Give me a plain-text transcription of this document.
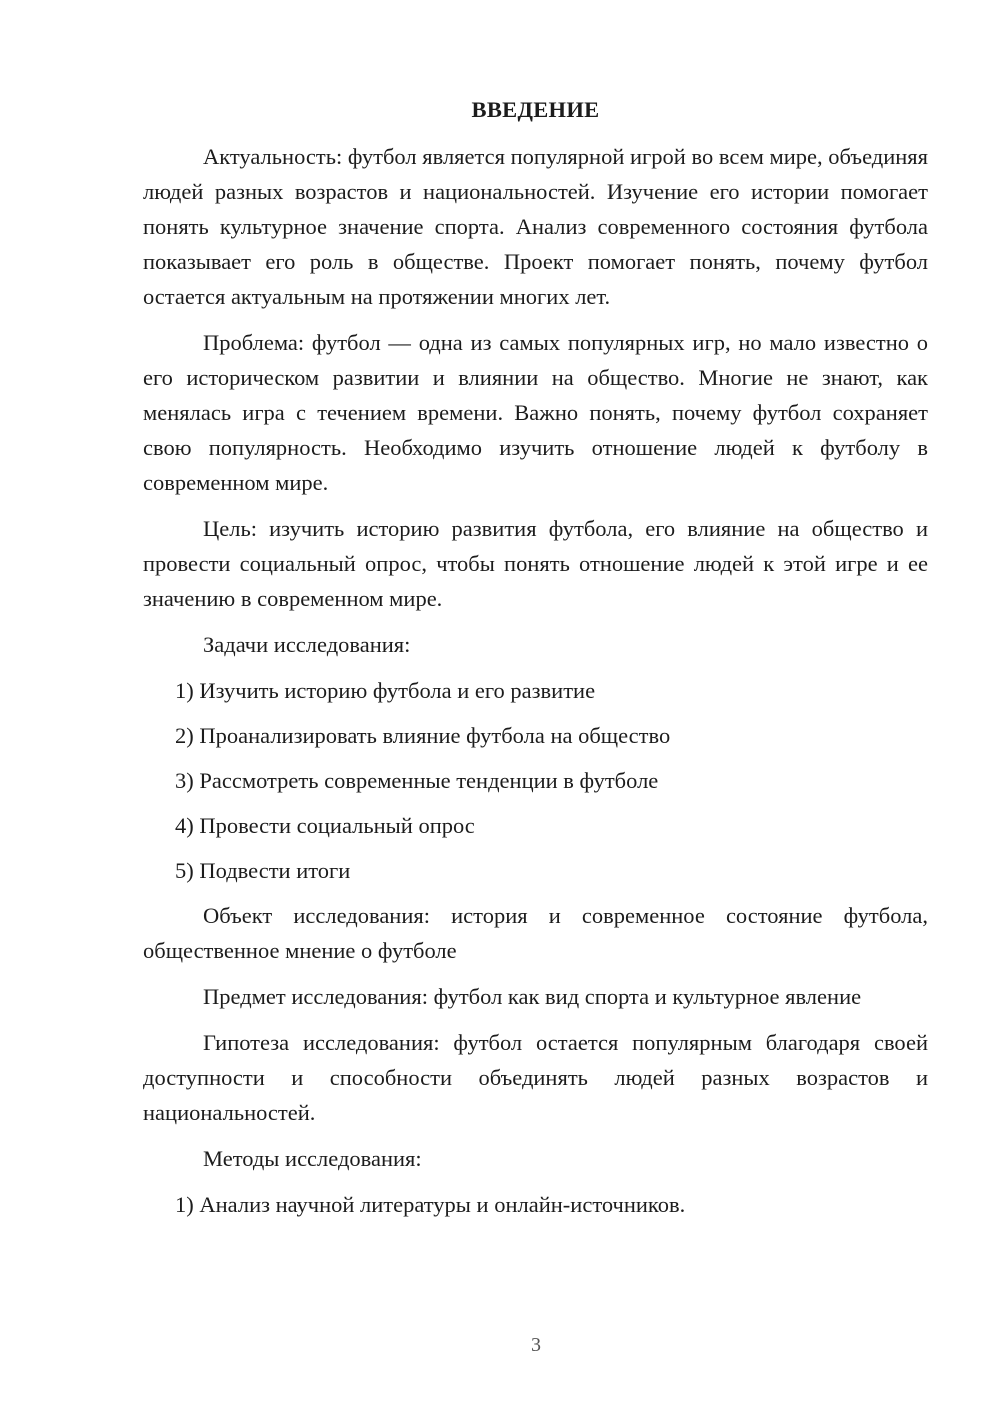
ВВЕДЕНИЕ

Актуальность: футбол является популярной игрой во всем мире, объединяя людей разных возрастов и национальностей. Изучение его истории помогает понять культурное значение спорта. Анализ современного состояния футбола показывает его роль в обществе. Проект помогает понять, почему футбол остается актуальным на протяжении многих лет.

Проблема: футбол — одна из самых популярных игр, но мало известно о его историческом развитии и влиянии на общество. Многие не знают, как менялась игра с течением времени. Важно понять, почему футбол сохраняет свою популярность. Необходимо изучить отношение людей к футболу в современном мире.

Цель: изучить историю развития футбола, его влияние на общество и провести социальный опрос, чтобы понять отношение людей к этой игре и ее значению в современном мире.

Задачи исследования:

1) Изучить историю футбола и его развитие

2) Проанализировать влияние футбола на общество

3) Рассмотреть современные тенденции в футболе

4) Провести социальный опрос

5) Подвести итоги

Объект исследования: история и современное состояние футбола, общественное мнение о футболе

Предмет исследования: футбол как вид спорта и культурное явление

Гипотеза исследования: футбол остается популярным благодаря своей доступности и способности объединять людей разных возрастов и национальностей.

Методы исследования:

1) Анализ научной литературы и онлайн-источников.

3
